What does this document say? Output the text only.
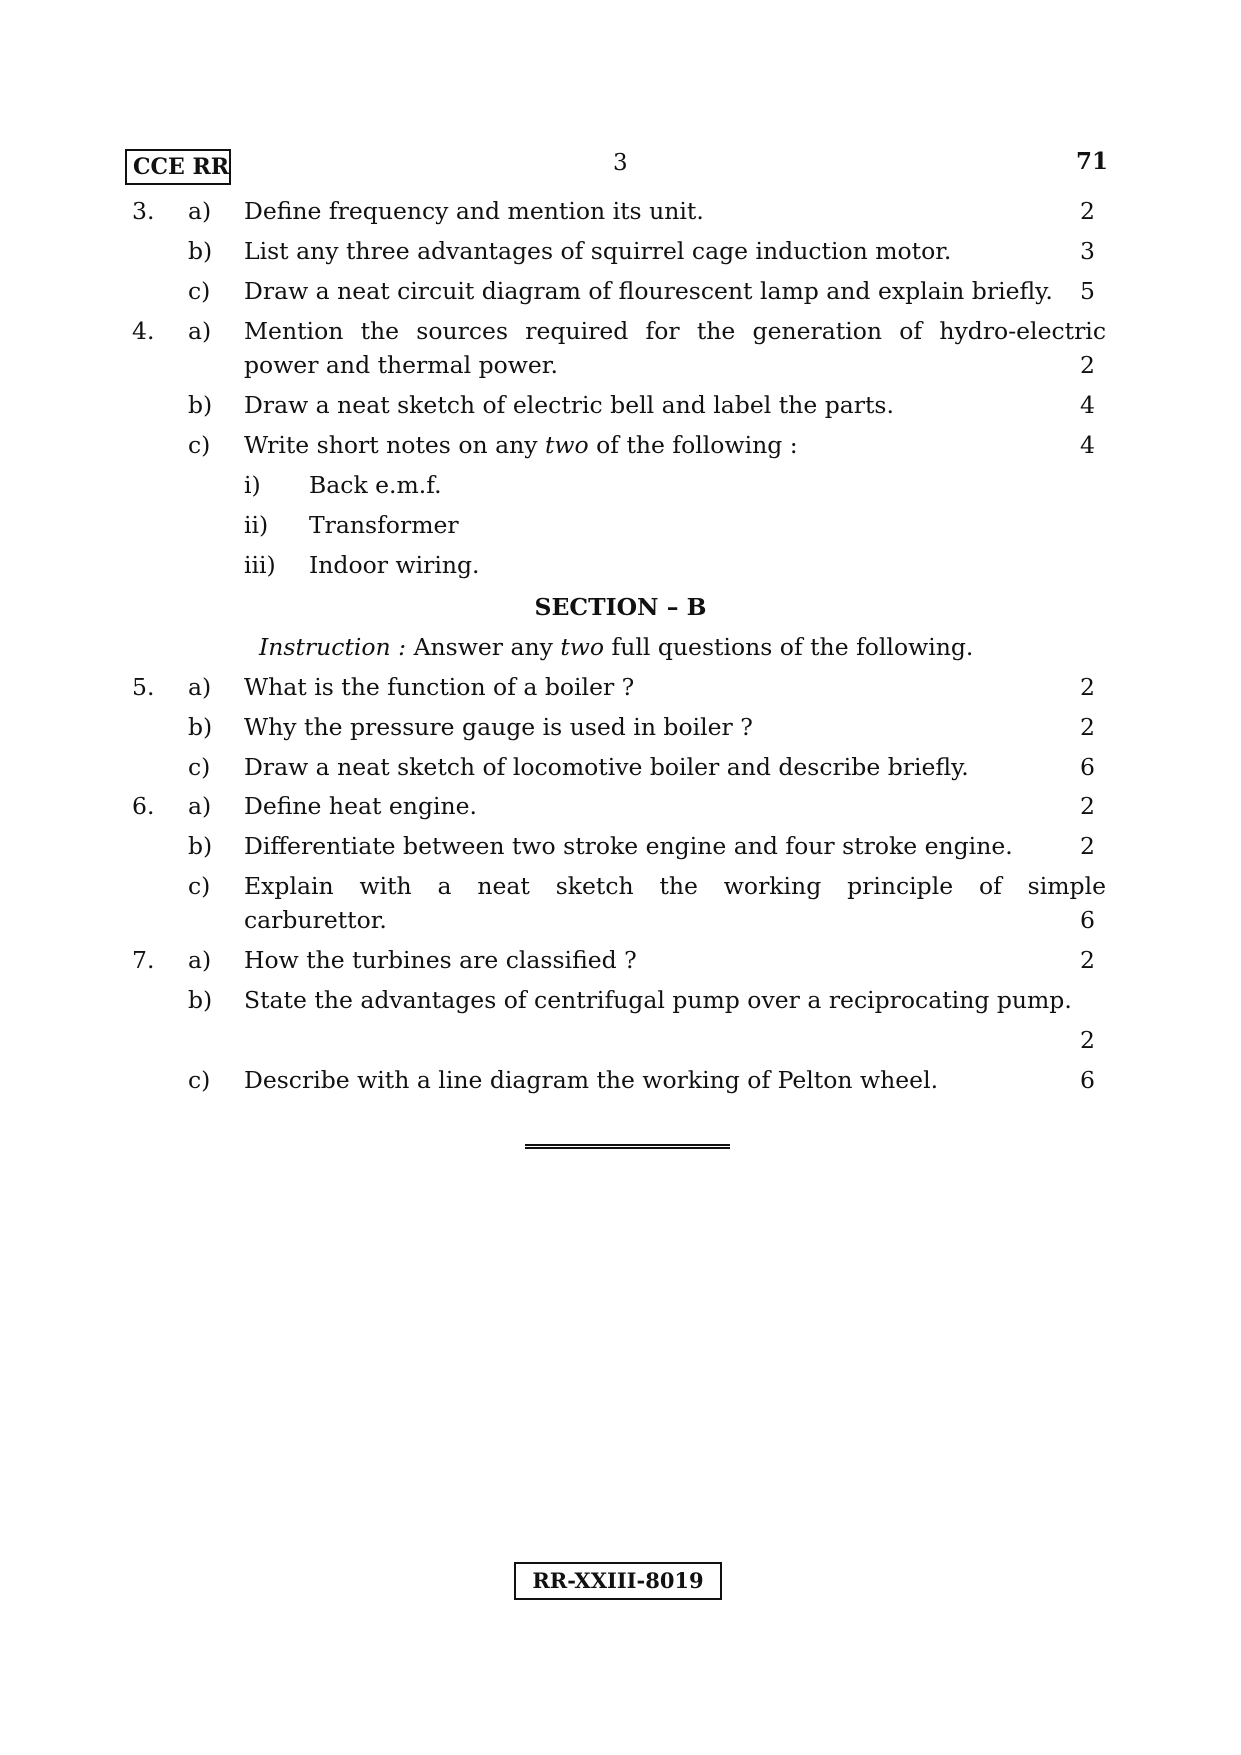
CCE RR	3	71
3. a) Define frequency and mention its unit.	2
b) List any three advantages of squirrel cage induction motor.	3
c) Draw a neat circuit diagram of flourescent lamp and explain briefly. 5
4. a) Mention the sources required for the generation of hydro-electric
power and thermal power.	2
b) Draw a neat sketch of electric bell and label the parts.	4
c) Write short notes on any two of the following :	4
i) Back e.m.f.
ii) Transformer
iii) Indoor wiring.
SECTION – B
Instruction : Answer any two full questions of the following.
5. a) What is the function of a boiler ?	2
b) Why the pressure gauge is used in boiler ?	2
c) Draw a neat sketch of locomotive boiler and describe briefly.	6
6. a) Define heat engine.	2
b) Differentiate between two stroke engine and four stroke engine.	2
c) Explain with a neat sketch the working principle of simple
carburettor.	6
7. a) How the turbines are classified ?	2
b) State the advantages of centrifugal pump over a reciprocating pump.
2
c) Describe with a line diagram the working of Pelton wheel.	6
RR-XXIII-8019
